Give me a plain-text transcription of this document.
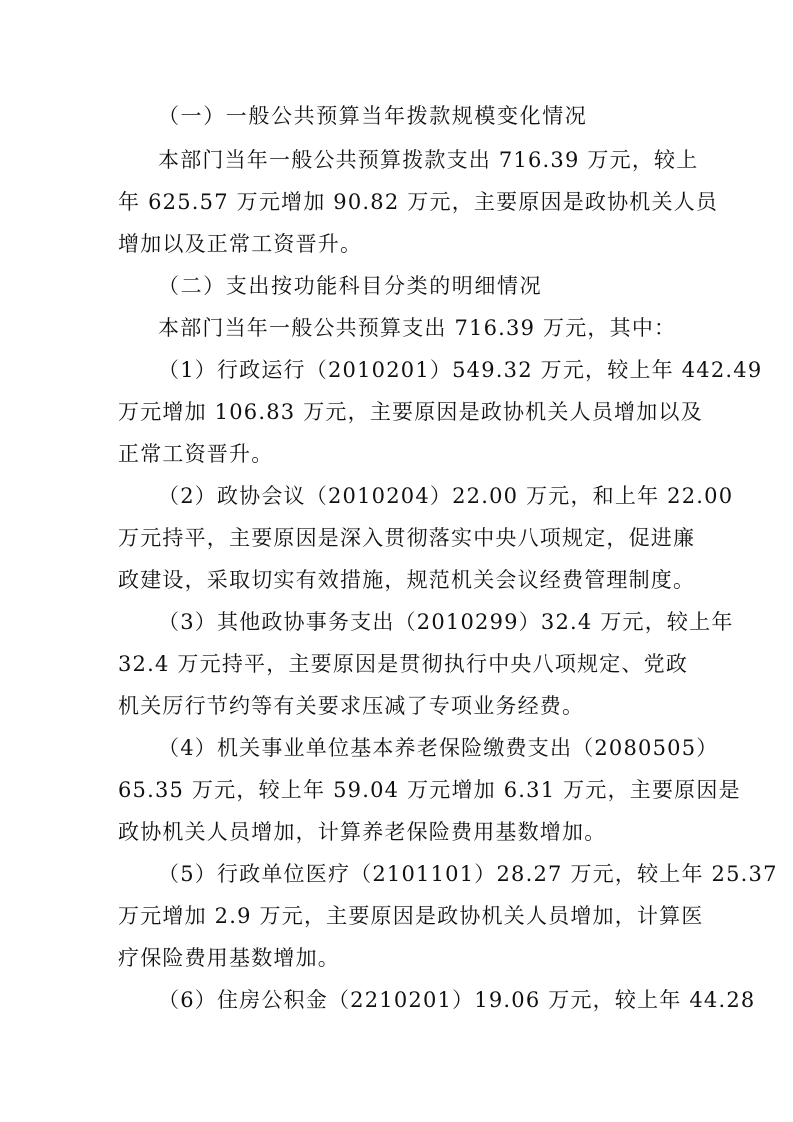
（一）一般公共预算当年拨款规模变化情况
本部门当年一般公共预算拨款支出 716.39 万元，较上
年 625.57 万元增加 90.82 万元，主要原因是政协机关人员
增加以及正常工资晋升。
（二）支出按功能科目分类的明细情况
本部门当年一般公共预算支出 716.39 万元，其中：
（1）行政运行（2010201）549.32 万元，较上年 442.49
万元增加 106.83 万元，主要原因是政协机关人员增加以及
正常工资晋升。
（2）政协会议（2010204）22.00 万元，和上年 22.00
万元持平，主要原因是深入贯彻落实中央八项规定，促进廉
政建设，采取切实有效措施，规范机关会议经费管理制度。
（3）其他政协事务支出（2010299）32.4 万元，较上年
32.4 万元持平，主要原因是贯彻执行中央八项规定、党政
机关厉行节约等有关要求压减了专项业务经费。
（4）机关事业单位基本养老保险缴费支出（2080505）
65.35 万元，较上年 59.04 万元增加 6.31 万元，主要原因是
政协机关人员增加，计算养老保险费用基数增加。
（5）行政单位医疗（2101101）28.27 万元，较上年 25.37
万元增加 2.9 万元，主要原因是政协机关人员增加，计算医
疗保险费用基数增加。
（6）住房公积金（2210201）19.06 万元，较上年 44.28
